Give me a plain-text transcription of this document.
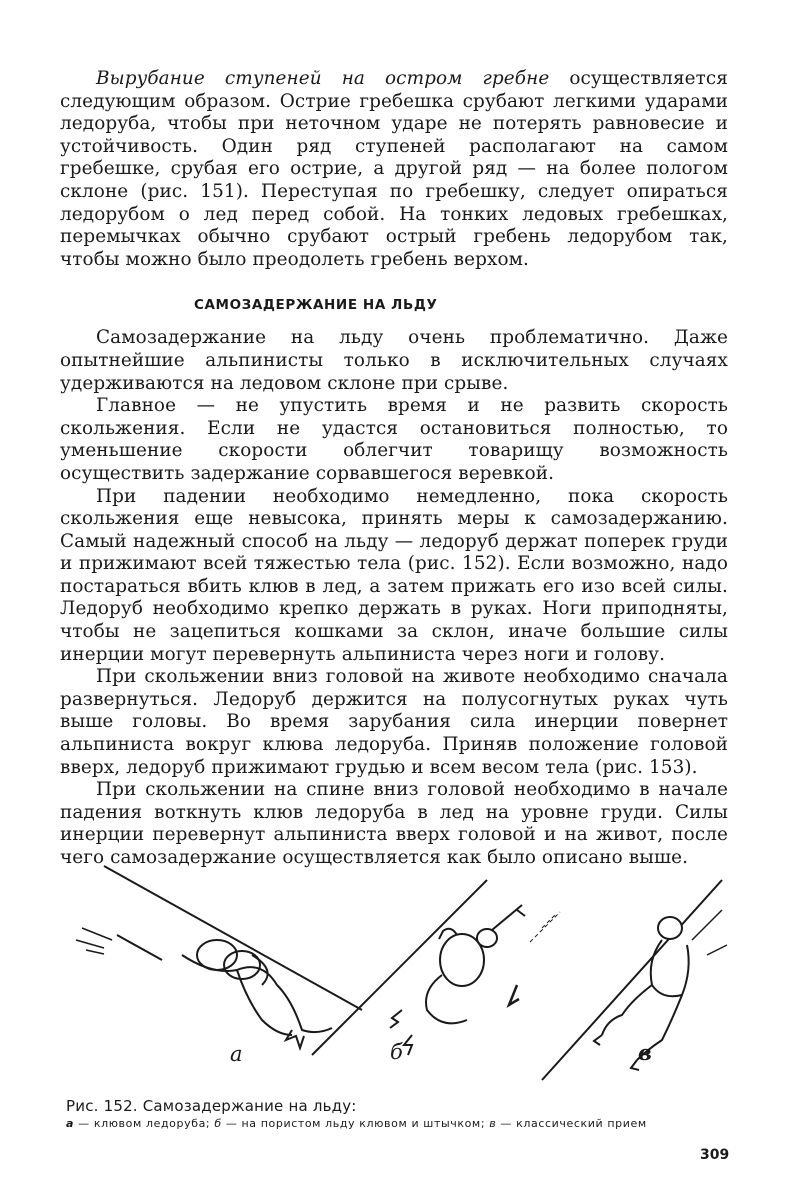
Вырубание ступеней на остром гребне осуществляется следующим образом. Острие гребешка срубают легкими ударами ледоруба, чтобы при неточном ударе не потерять равновесие и устойчивость. Один ряд ступеней располагают на самом гребешке, срубая его острие, а другой ряд — на более пологом склоне (рис. 151). Переступая по гребешку, следует опираться ледорубом о лед перед собой. На тонких ледовых гребешках, перемычках обычно срубают острый гребень ледорубом так, чтобы можно было преодолеть гребень верхом.

САМОЗАДЕРЖАНИЕ НА ЛЬДУ

Самозадержание на льду очень проблематично. Даже опытнейшие альпинисты только в исключительных случаях удерживаются на ледовом склоне при срыве.

Главное — не упустить время и не развить скорость скольжения. Если не удастся остановиться полностью, то уменьшение скорости облегчит товарищу возможность осуществить задержание сорвавшегося веревкой.

При падении необходимо немедленно, пока скорость скольжения еще невысока, принять меры к самозадержанию. Самый надежный способ на льду — ледоруб держат поперек груди и прижимают всей тяжестью тела (рис. 152). Если возможно, надо постараться вбить клюв в лед, а затем прижать его изо всей силы. Ледоруб необходимо крепко держать в руках. Ноги приподняты, чтобы не зацепиться кошками за склон, иначе большие силы инерции могут перевернуть альпиниста через ноги и голову.

При скольжении вниз головой на животе необходимо сначала развернуться. Ледоруб держится на полусогнутых руках чуть выше головы. Во время зарубания сила инерции повернет альпиниста вокруг клюва ледоруба. Приняв положение головой вверх, ледоруб прижимают грудью и всем весом тела (рис. 153).

При скольжении на спине вниз головой необходимо в начале падения воткнуть клюв ледоруба в лед на уровне груди. Силы инерции перевернут альпиниста вверх головой и на живот, после чего самозадержание осуществляется как было описано выше.

а	б	в
Рис. 152. Самозадержание на льду:
а — клювом ледоруба; б — на пористом льду клювом и штычком; в — классический прием
309
